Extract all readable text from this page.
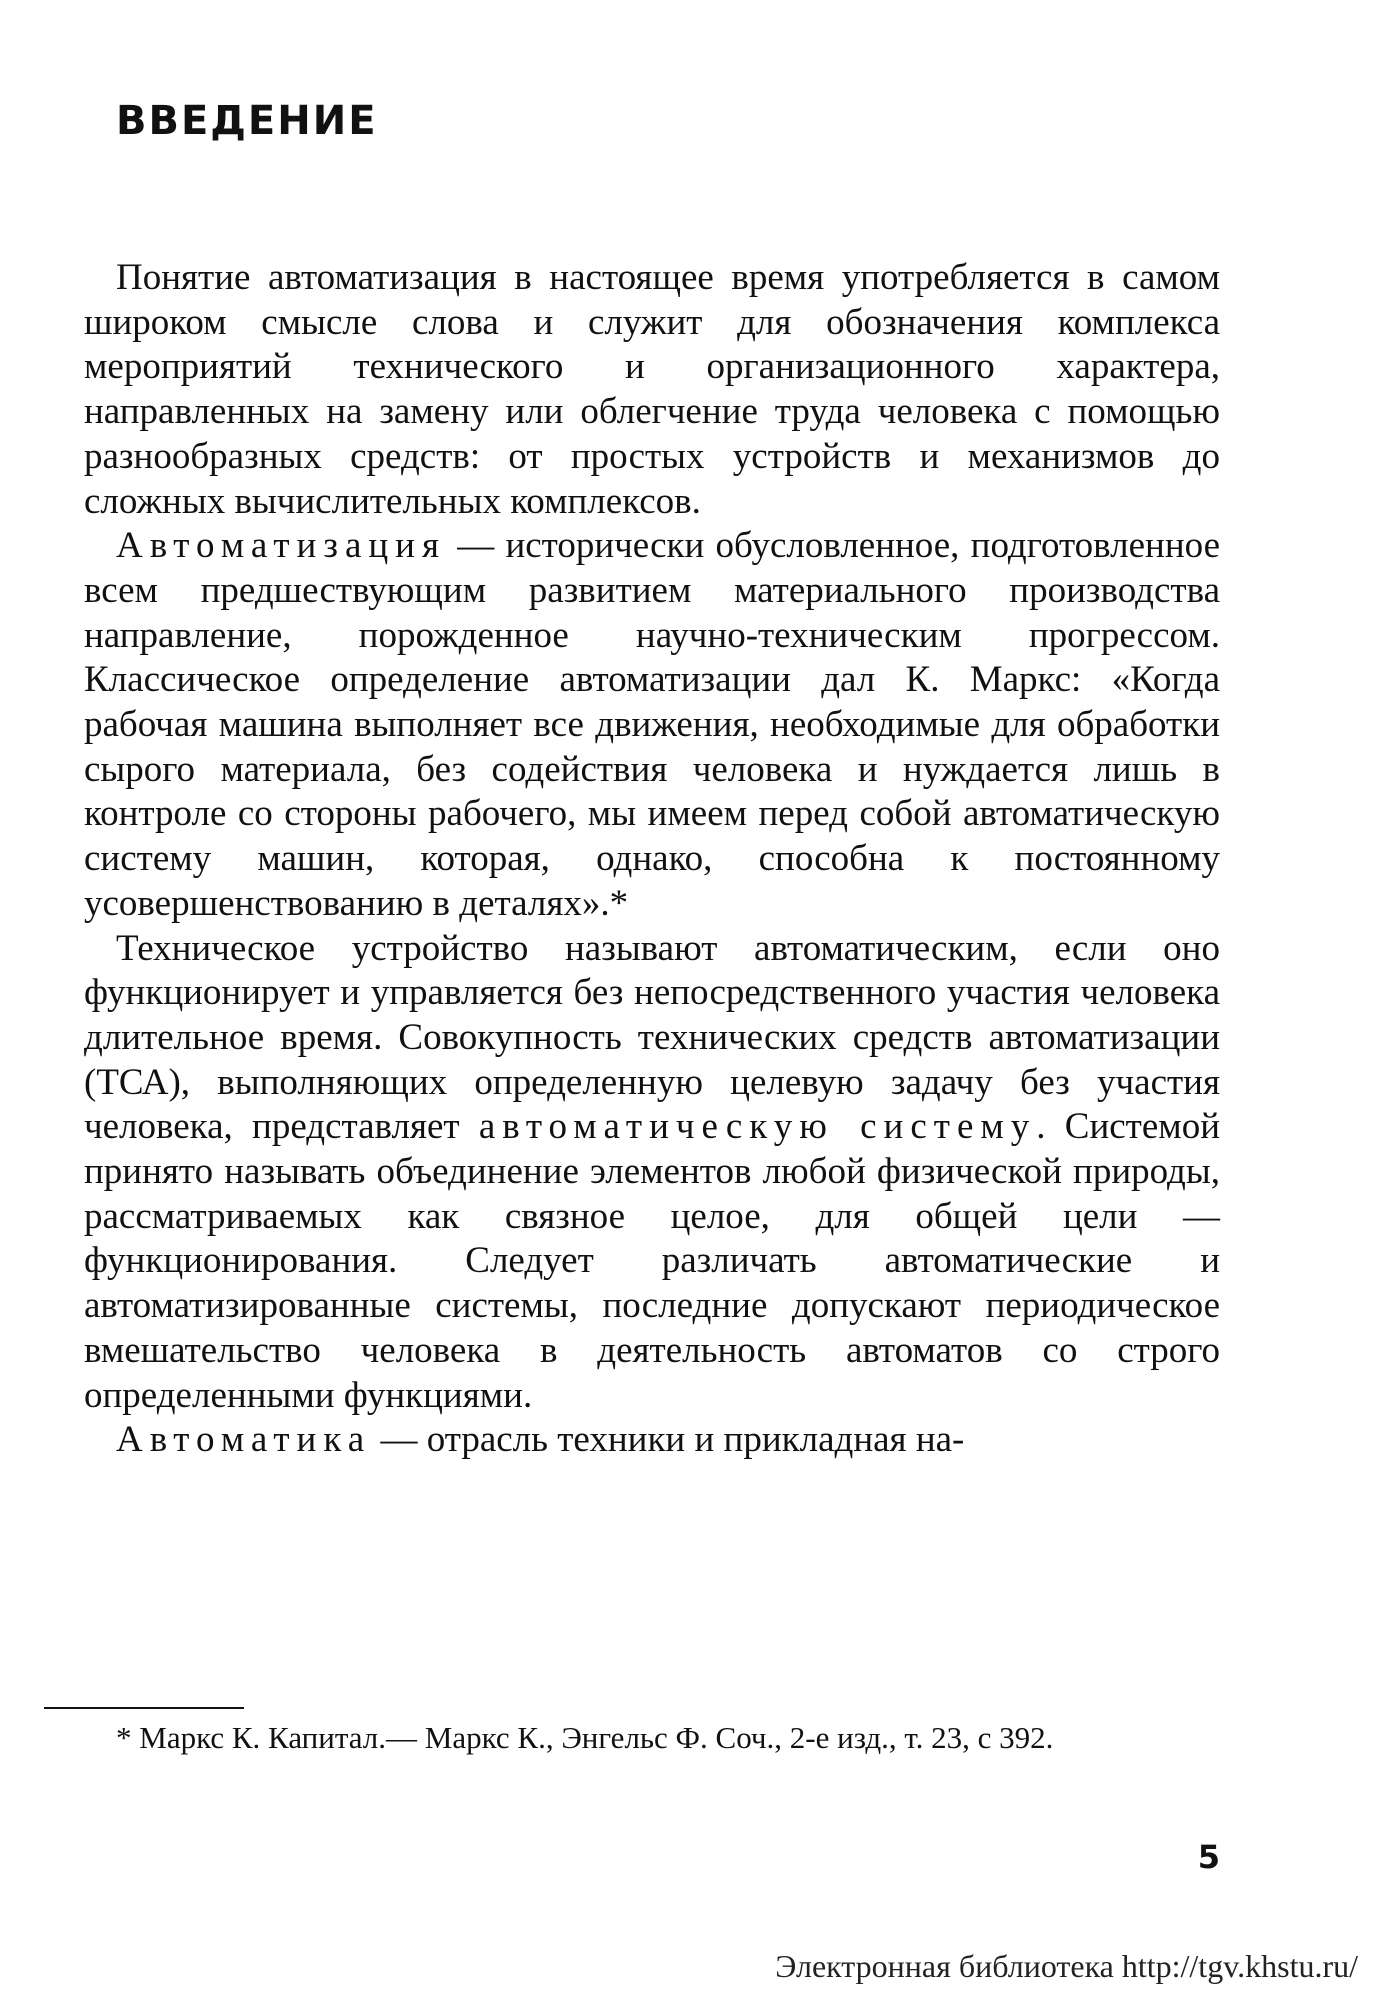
ВВЕДЕНИЕ

Понятие автоматизация в настоящее время употребляется в самом широком смысле слова и служит для обозначения комплекса мероприятий технического и организационного характера, направленных на замену или облегчение труда человека с помощью разнообразных средств: от простых устройств и механизмов до сложных вычислительных комплексов.

Автоматизация — исторически обусловленное, подготовленное всем предшествующим развитием материального производства направление, порожденное научно-техническим прогрессом. Классическое определение автоматизации дал К. Маркс: «Когда рабочая машина выполняет все движения, необходимые для обработки сырого материала, без содействия человека и нуждается лишь в контроле со стороны рабочего, мы имеем перед собой автоматическую систему машин, которая, однако, способна к постоянному усовершенствованию в деталях».*

Техническое устройство называют автоматическим, если оно функционирует и управляется без непосредственного участия человека длительное время. Совокупность технических средств автоматизации (ТСА), выполняющих определенную целевую задачу без участия человека, представляет автоматическую систему. Системой принято называть объединение элементов любой физической природы, рассматриваемых как связное целое, для общей цели — функционирования. Следует различать автоматические и автоматизированные системы, последние допускают периодическое вмешательство человека в деятельность автоматов со строго определенными функциями.

Автоматика — отрасль техники и прикладная на-

* Маркс К. Капитал.— Маркс К., Энгельс Ф. Соч., 2-е изд., т. 23, с 392.

5
Электронная библиотека http://tgv.khstu.ru/
